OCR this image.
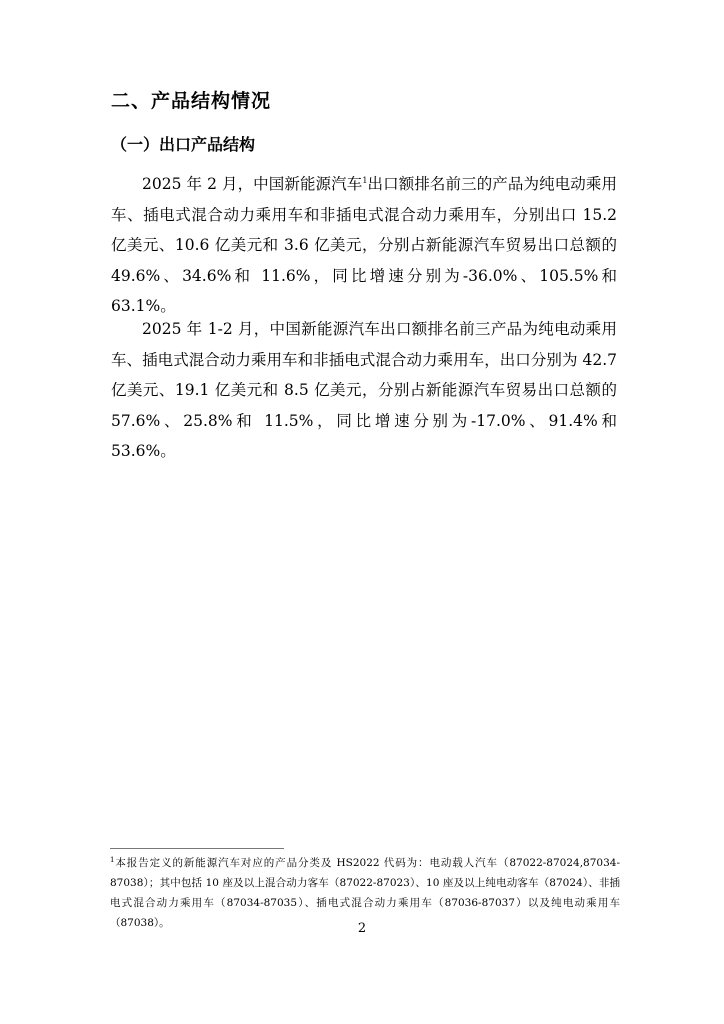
二、产品结构情况
（一）出口产品结构

2025 年 2 月，中国新能源汽车$^1$出口额排名前三的产品为纯电动乘用车、插电式混合动力乘用车和非插电式混合动力乘用车，分别出口 15.2 亿美元、10.6 亿美元和 3.6 亿美元，分别占新能源汽车贸易出口总额的 49.6%、34.6%和 11.6%，同比增速分别为-36.0%、105.5%和 63.1%。

2025 年 1-2 月，中国新能源汽车出口额排名前三产品为纯电动乘用车、插电式混合动力乘用车和非插电式混合动力乘用车，出口分别为 42.7 亿美元、19.1 亿美元和 8.5 亿美元，分别占新能源汽车贸易出口总额的 57.6%、25.8%和 11.5%，同比增速分别为-17.0%、91.4%和 53.6%。

$^1$本报告定义的新能源汽车对应的产品分类及 HS2022 代码为：电动载人汽车（87022-87024,87034-87038）；其中包括 10 座及以上混合动力客车（87022-87023）、10 座及以上纯电动客车（87024）、非插电式混合动力乘用车（87034-87035）、插电式混合动力乘用车（87036-87037）以及纯电动乘用车（87038）。	2
